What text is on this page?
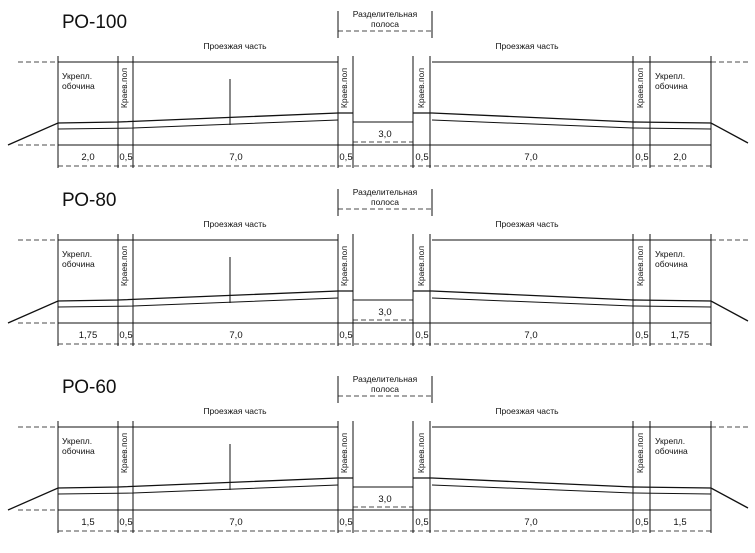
РО-100	Разделительная
полоса
Проезжая часть	Проезжая часть
Укрепл.
обочина
Укрепл.
обочина
Краев.пол	Краев.пол	Краев.пол	Краев.пол
3,0
2,0	0,5	7,0	0,5	0,5	7,0	0,5	2,0
РО-80	Разделительная
полоса
Проезжая часть	Проезжая часть
Укрепл.
обочина
Укрепл.
обочина
Краев.пол	Краев.пол	Краев.пол	Краев.пол
3,0
1,75 0,5	7,0	0,5	0,5	7,0	0,5 1,75
РО-60	Разделительная
полоса
Проезжая часть	Проезжая часть
Укрепл.
обочина
Укрепл.
обочина
Краев.пол	Краев.пол	Краев.пол	Краев.пол
3,0
1,5	0,5	7,0	0,5	0,5	7,0	0,5	1,5
